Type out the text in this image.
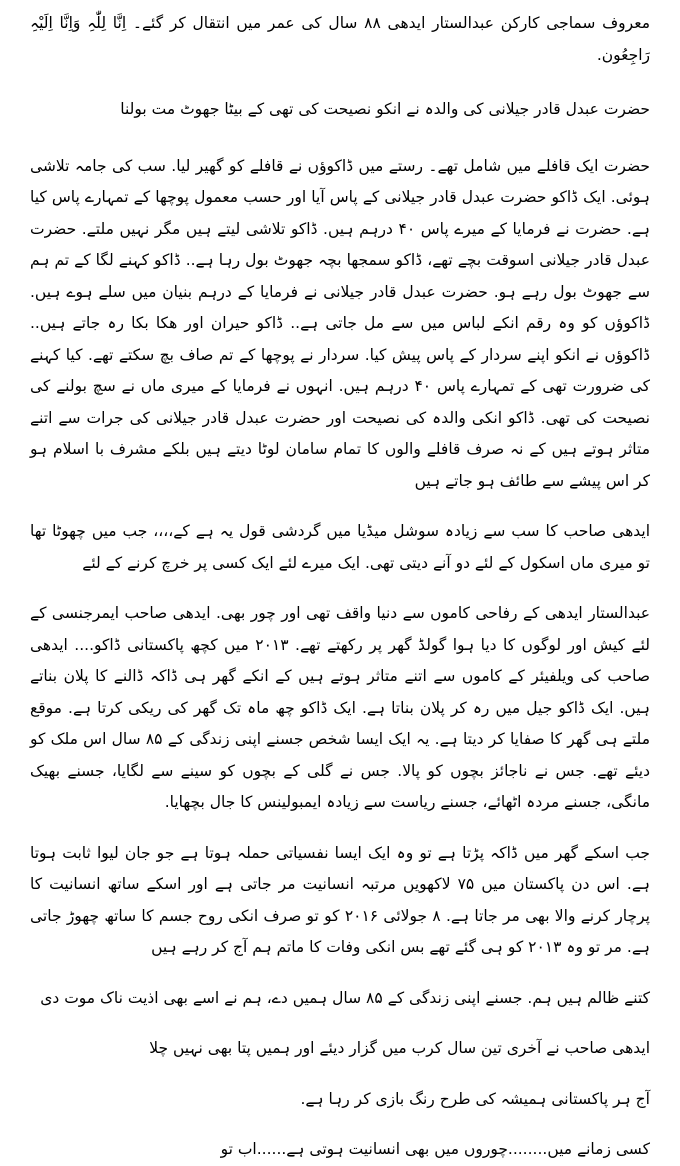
معروف سماجی کارکن عبدالستار ایدھی ۸۸ سال کی عمر میں انتقال کر گئے۔ اِنَّا لِلّٰہِ وَاِنَّا اِلَیْہِ رَاجِعُون.

حضرت عبدل قادر جیلانی کی والدہ نے انکو نصیحت کی تھی کے بیٹا جھوٹ مت بولنا

حضرت ایک قافلے میں شامل تھے۔ رستے میں ڈاکوؤں نے قافلے کو گھیر لیا. سب کی جامہ تلاشی ہوئی. ایک ڈاکو حضرت عبدل قادر جیلانی کے پاس آیا اور حسب معمول پوچھا کے تمہارے پاس کیا ہے. حضرت نے فرمایا کے میرے پاس ۴۰ درہم ہیں. ڈاکو تلاشی لیتے ہیں مگر نہیں ملتے. حضرت عبدل قادر جیلانی اسوقت بچے تھے، ڈاکو سمجھا بچہ جھوٹ بول رہا ہے.. ڈاکو کہنے لگا کے تم ہم سے جھوٹ بول رہے ہو. حضرت عبدل قادر جیلانی نے فرمایا کے درہم بنیان میں سلے ہوے ہیں. ڈاکوؤں کو وہ رقم انکے لباس میں سے مل جاتی ہے.. ڈاکو حیران اور ھکا بکا رہ جاتے ہیں.. ڈاکوؤں نے انکو اپنے سردار کے پاس پیش کیا. سردار نے پوچھا کے تم صاف بچ سکتے تھے. کیا کہنے کی ضرورت تھی کے تمہارے پاس ۴۰ درہم ہیں. انہوں نے فرمایا کے میری ماں نے سچ بولنے کی نصیحت کی تھی. ڈاکو انکی والدہ کی نصیحت اور حضرت عبدل قادر جیلانی کی جرات سے اتنے متاثر ہوتے ہیں کے نہ صرف قافلے والوں کا تمام سامان لوٹا دیتے ہیں بلکے مشرف با اسلام ہو کر اس پیشے سے طائف ہو جاتے ہیں

ایدھی صاحب کا سب سے زیادہ سوشل میڈیا میں گردشی قول یہ ہے کے،،،، جب میں چھوٹا تھا تو میری ماں اسکول کے لئے دو آنے دیتی تھی. ایک میرے لئے ایک کسی پر خرچ کرنے کے لئے

عبدالستار ایدھی کے رفاحی کاموں سے دنیا واقف تھی اور چور بھی. ایدھی صاحب ایمرجنسی کے لئے کیش اور لوگوں کا دیا ہوا گولڈ گھر پر رکھتے تھے. ۲۰۱۳ میں کچھ پاکستانی ڈاکو.... ایدھی صاحب کی ویلفیئر کے کاموں سے اتنے متاثر ہوتے ہیں کے انکے گھر ہی ڈاکہ ڈالنے کا پلان بناتے ہیں. ایک ڈاکو جیل میں رہ کر پلان بناتا ہے. ایک ڈاکو چھ ماہ تک گھر کی ریکی کرتا ہے. موقع ملتے ہی گھر کا صفایا کر دیتا ہے. یہ ایک ایسا شخص جسنے اپنی زندگی کے ۸۵ سال اس ملک کو دیئے تھے. جس نے ناجائز بچوں کو پالا. جس نے گلی کے بچوں کو سینے سے لگایا، جسنے بھیک مانگی، جسنے مردہ اٹھائے، جسنے ریاست سے زیادہ ایمبولینس کا جال بچھایا.

جب اسکے گھر میں ڈاکہ پڑتا ہے تو وہ ایک ایسا نفسیاتی حملہ ہوتا ہے جو جان لیوا ثابت ہوتا ہے. اس دن پاکستان میں ۷۵ لاکھویں مرتبہ انسانیت مر جاتی ہے اور اسکے ساتھ انسانیت کا پرچار کرنے والا بھی مر جاتا ہے. ۸ جولائی ۲۰۱۶ کو تو صرف انکی روح جسم کا ساتھ چھوڑ جاتی ہے. مر تو وہ ۲۰۱۳ کو ہی گئے تھے بس انکی وفات کا ماتم ہم آج کر رہے ہیں

کتنے ظالم ہیں ہم. جسنے اپنی زندگی کے ۸۵ سال ہمیں دے، ہم نے اسے بھی اذیت ناک موت دی

ایدھی صاحب نے آخری تین سال کرب میں گزار دیئے اور ہمیں پتا بھی نہیں چلا

آج ہر پاکستانی ہمیشہ کی طرح رنگ بازی کر رہا ہے.

کسی زمانے میں........چوروں میں بھی انسانیت ہوتی ہے......اب تو
